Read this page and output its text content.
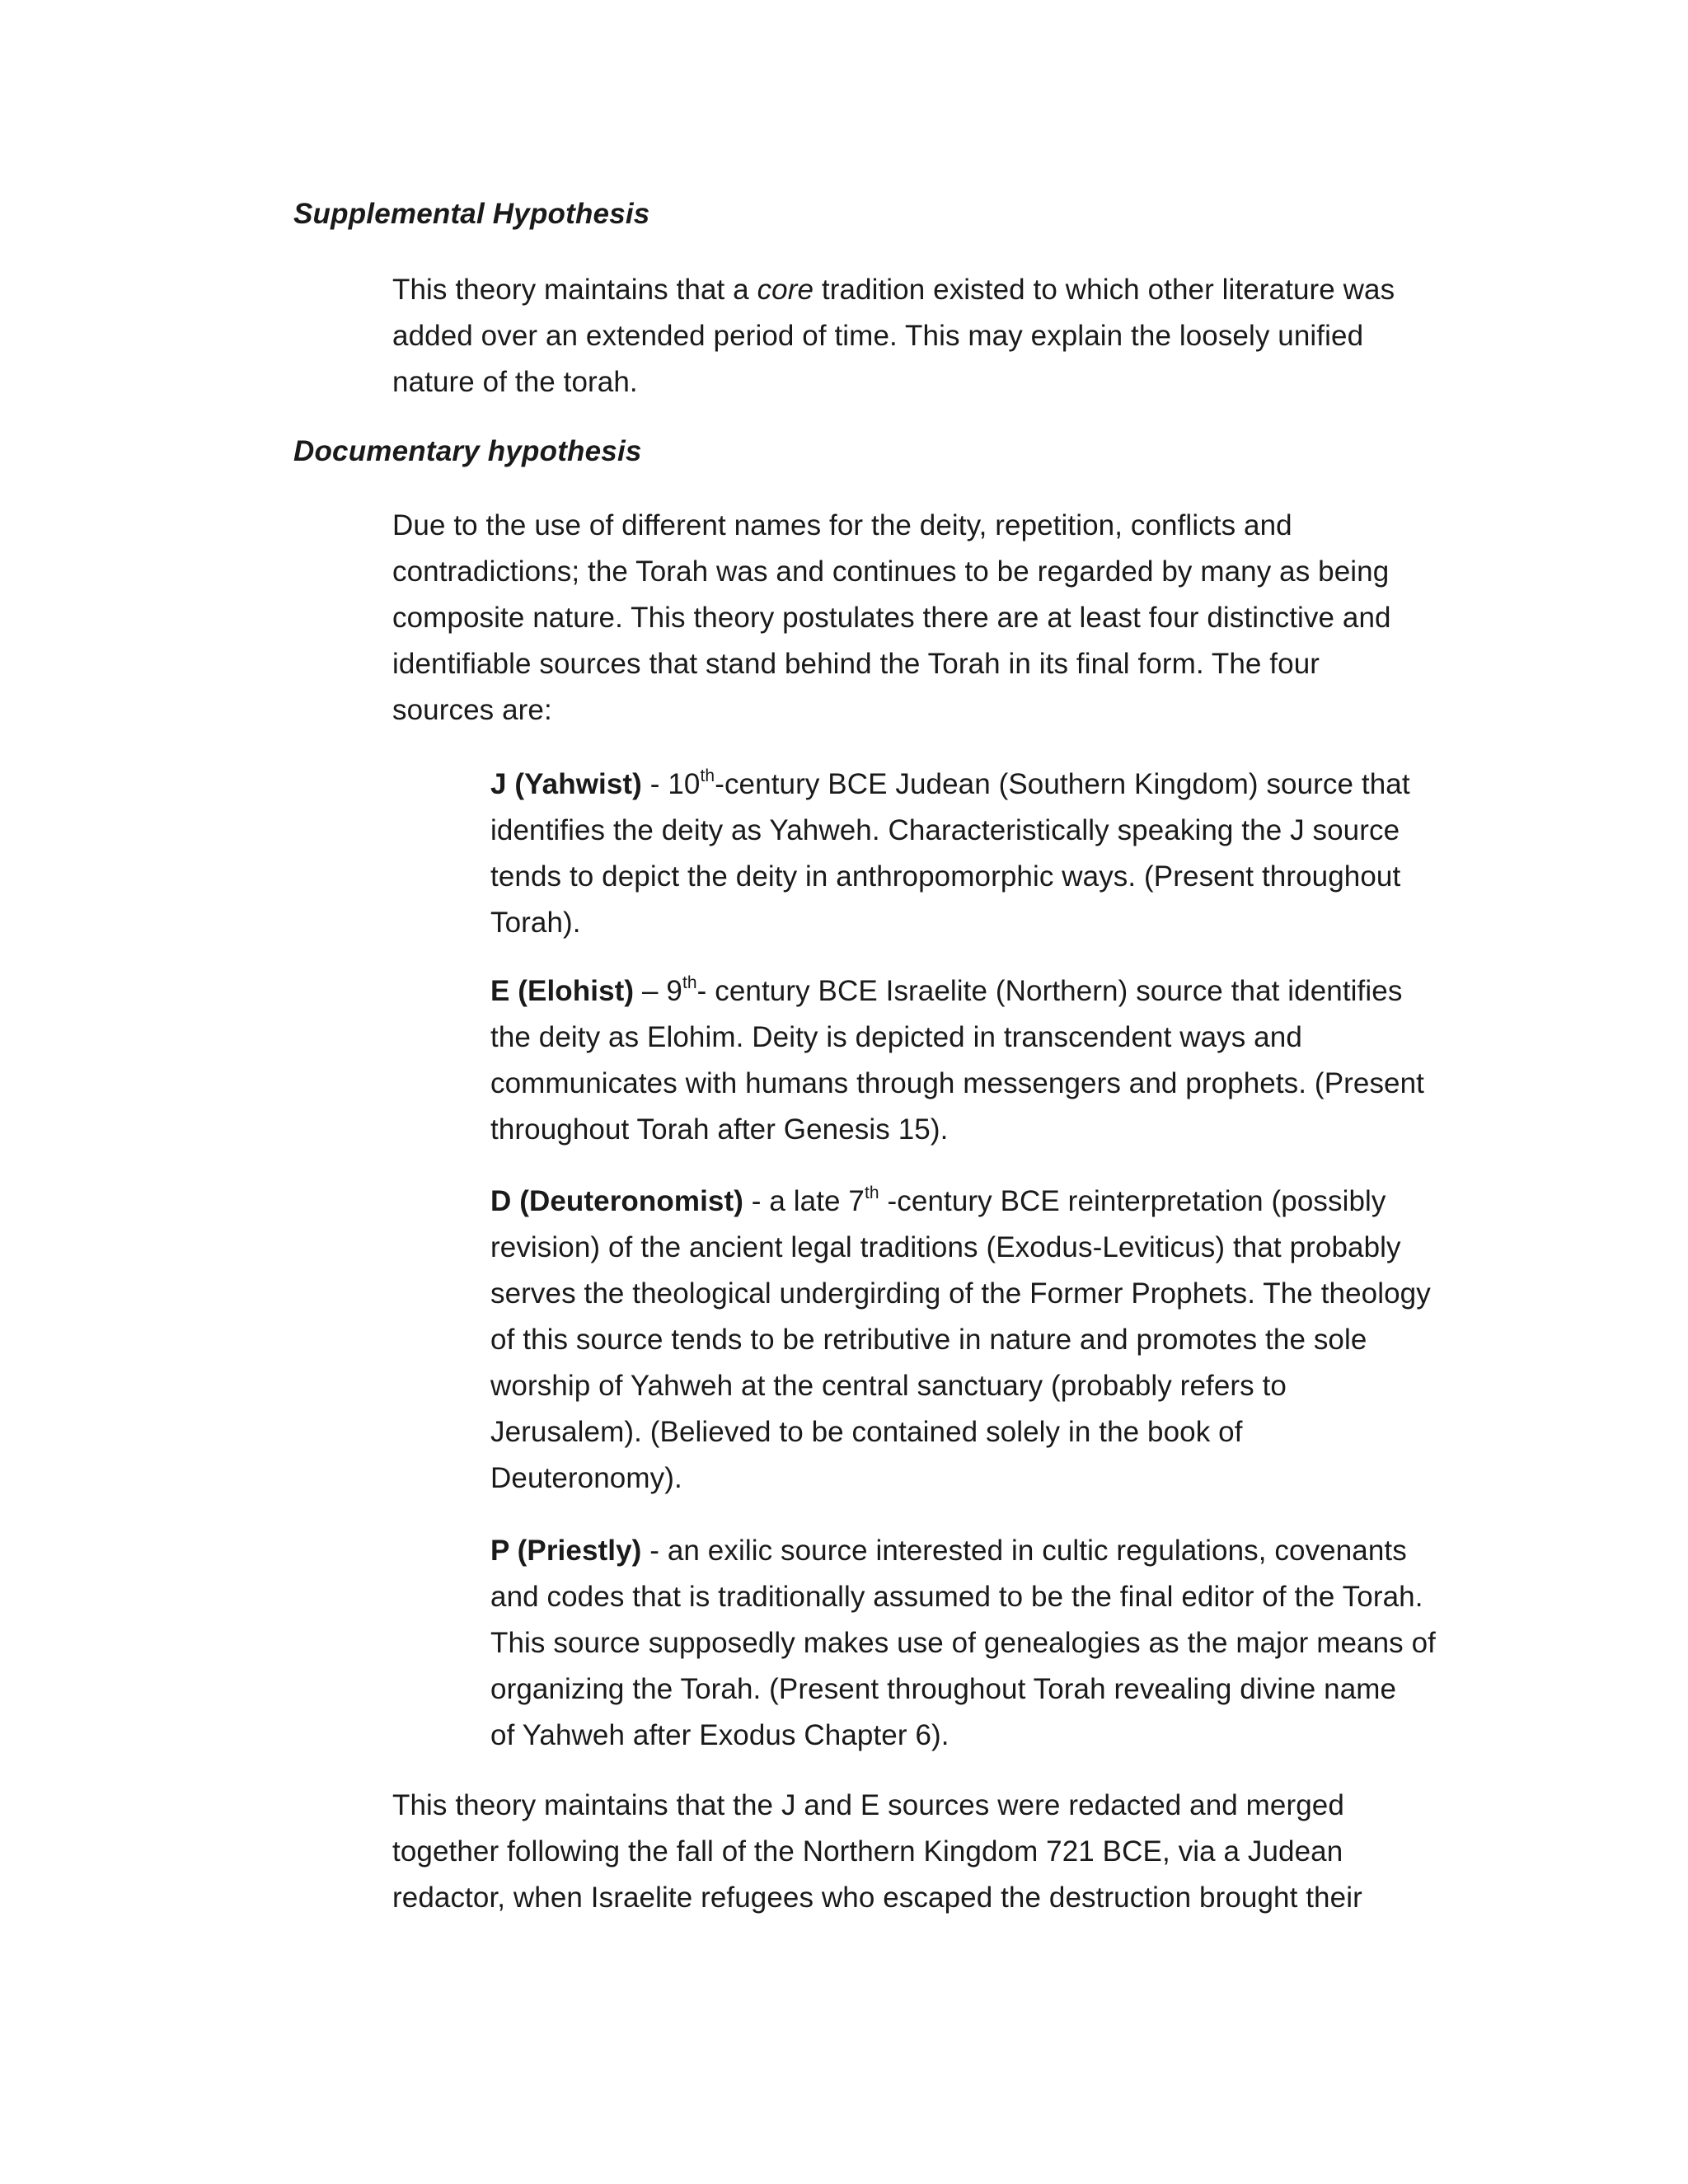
Supplemental Hypothesis
This theory maintains that a core tradition existed to which other literature was
added over an extended period of time. This may explain the loosely unified
nature of the torah.
Documentary hypothesis
Due to the use of different names for the deity, repetition, conflicts and
contradictions; the Torah was and continues to be regarded by many as being
composite nature. This theory postulates there are at least four distinctive and
identifiable sources that stand behind the Torah in its final form. The four
sources are:
J (Yahwist) - 10th-century BCE Judean (Southern Kingdom) source that
identifies the deity as Yahweh. Characteristically speaking the J source
tends to depict the deity in anthropomorphic ways. (Present throughout
Torah).
E (Elohist) – 9th- century BCE Israelite (Northern) source that identifies
the deity as Elohim. Deity is depicted in transcendent ways and
communicates with humans through messengers and prophets. (Present
throughout Torah after Genesis 15).
D (Deuteronomist) - a late 7th -century BCE reinterpretation (possibly
revision) of the ancient legal traditions (Exodus-Leviticus) that probably
serves the theological undergirding of the Former Prophets. The theology
of this source tends to be retributive in nature and promotes the sole
worship of Yahweh at the central sanctuary (probably refers to
Jerusalem). (Believed to be contained solely in the book of
Deuteronomy).
P (Priestly) - an exilic source interested in cultic regulations, covenants
and codes that is traditionally assumed to be the final editor of the Torah.
This source supposedly makes use of genealogies as the major means of
organizing the Torah. (Present throughout Torah revealing divine name
of Yahweh after Exodus Chapter 6).
This theory maintains that the J and E sources were redacted and merged
together following the fall of the Northern Kingdom 721 BCE, via a Judean
redactor, when Israelite refugees who escaped the destruction brought their
